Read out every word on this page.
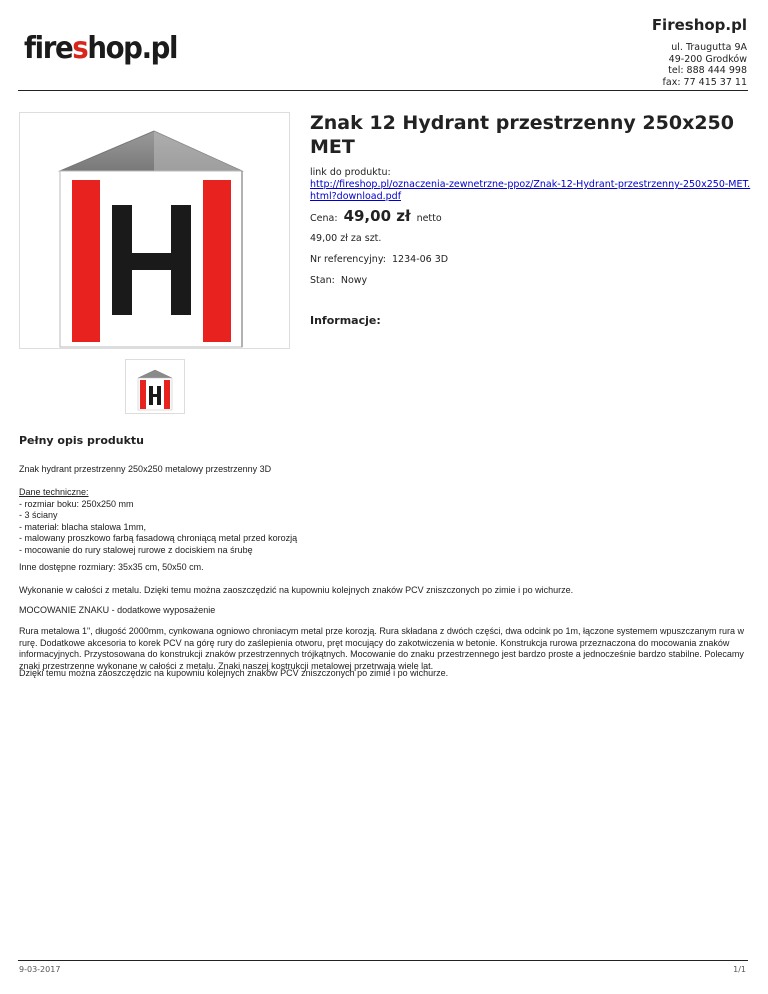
Fireshop.pl
fireshop.pl	ul. Traugutta 9A
49-200 Grodków
tel: 888 444 998
fax: 77 415 37 11
Znak 12 Hydrant przestrzenny 250x250 MET
link do produktu:
http://fireshop.pl/oznaczenia-zewnetrzne-ppoz/Znak-12-Hydrant-przestrzenny-250x250-MET.html?download.pdf
Cena: 49,00 zł netto
49,00 zł za szt.
Nr referencyjny: 1234-06 3D
Stan: Nowy
Informacje:
Pełny opis produktu

Znak hydrant przestrzenny 250x250 metalowy przestrzenny 3D

Dane techniczne:
- rozmiar boku: 250x250 mm
- 3 ściany
- materiał: blacha stalowa 1mm,
- malowany proszkowo farbą fasadową chroniącą metal przed korozją
- mocowanie do rury stalowej rurowe z dociskiem na śrubę

Inne dostępne rozmiary: 35x35 cm, 50x50 cm.

Wykonanie w całości z metalu. Dzięki temu można zaoszczędzić na kupowniu kolejnych znaków PCV zniszczonych po zimie i po wichurze.

MOCOWANIE ZNAKU - dodatkowe wyposażenie

Rura metalowa 1", długość 2000mm, cynkowana ogniowo chroniacym metal prze korozją. Rura składana z dwóch części, dwa odcink po 1m, łączone systemem wpuszczanym rura w rurę. Dodatkowe akcesoria to korek PCV na górę rury do zaślepienia otworu, pręt mocujący do zakotwiczenia w betonie. Konstrukcja rurowa przeznaczona do mocowania znaków informacyjnych. Przystosowana do konstrukcji znaków przestrzennych trójkątnych. Mocowanie do znaku przestrzennego jest bardzo proste a jednocześnie bardzo stabilne. Polecamy znaki przestrzenne wykonane w całości z metalu. Znaki naszej kostrukcji metalowej przetrwaja wiele lat.

Dzięki temu można zaoszczędzic na kupowniu kolejnych znaków PCV zniszczonych po zimie i po wichurze.

9-03-2017	1/1
